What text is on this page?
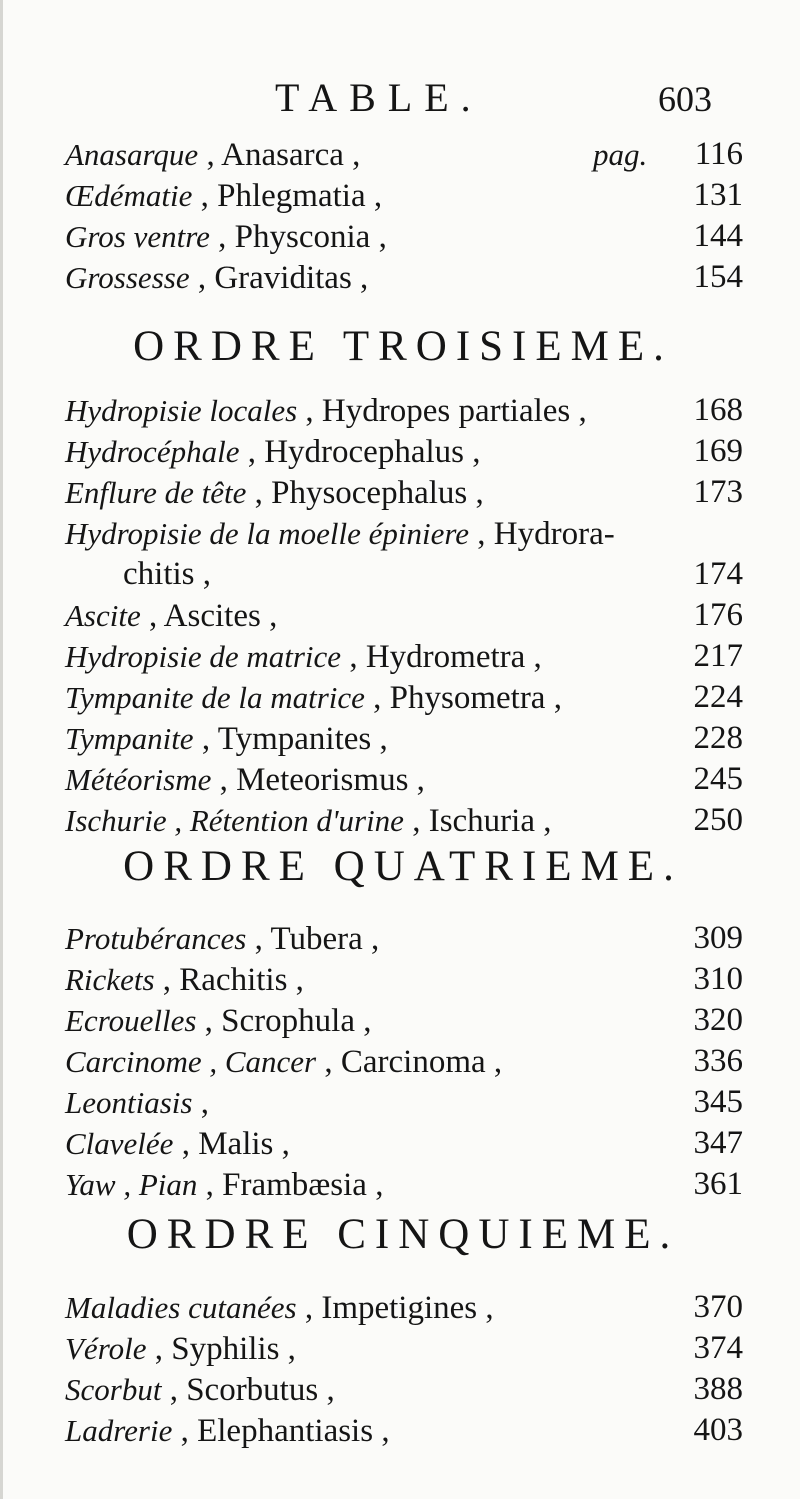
TABLE.	603
Anasarque , Anasarca ,	pag. 116
Œdématie , Phlegmatia ,	131
Gros ventre , Physconia ,	144
Grossesse , Graviditas ,	154
ORDRE TROISIEME.
Hydropisie locales , Hydropes partiales ,	168
Hydrocéphale , Hydrocephalus ,	169
Enflure de tête , Physocephalus ,	173
Hydropisie de la moelle épiniere , Hydrora-
chitis ,	174
Ascite , Ascites ,	176
Hydropisie de matrice , Hydrometra ,	217
Tympanite de la matrice , Physometra ,	224
Tympanite , Tympanites ,	228
Météorisme , Meteorismus ,	245
Ischurie , Rétention d'urine , Ischuria ,	250
ORDRE QUATRIEME.
Protubérances , Tubera ,	309
Rickets , Rachitis ,	310
Ecrouelles , Scrophula ,	320
Carcinome , Cancer , Carcinoma ,	336
Leontiasis ,	345
Clavelée , Malis ,	347
Yaw , Pian , Frambæsia ,	361
ORDRE CINQUIEME.
Maladies cutanées , Impetigines ,	370
Vérole , Syphilis ,	374
Scorbut , Scorbutus ,	388
Ladrerie , Elephantiasis ,	403
